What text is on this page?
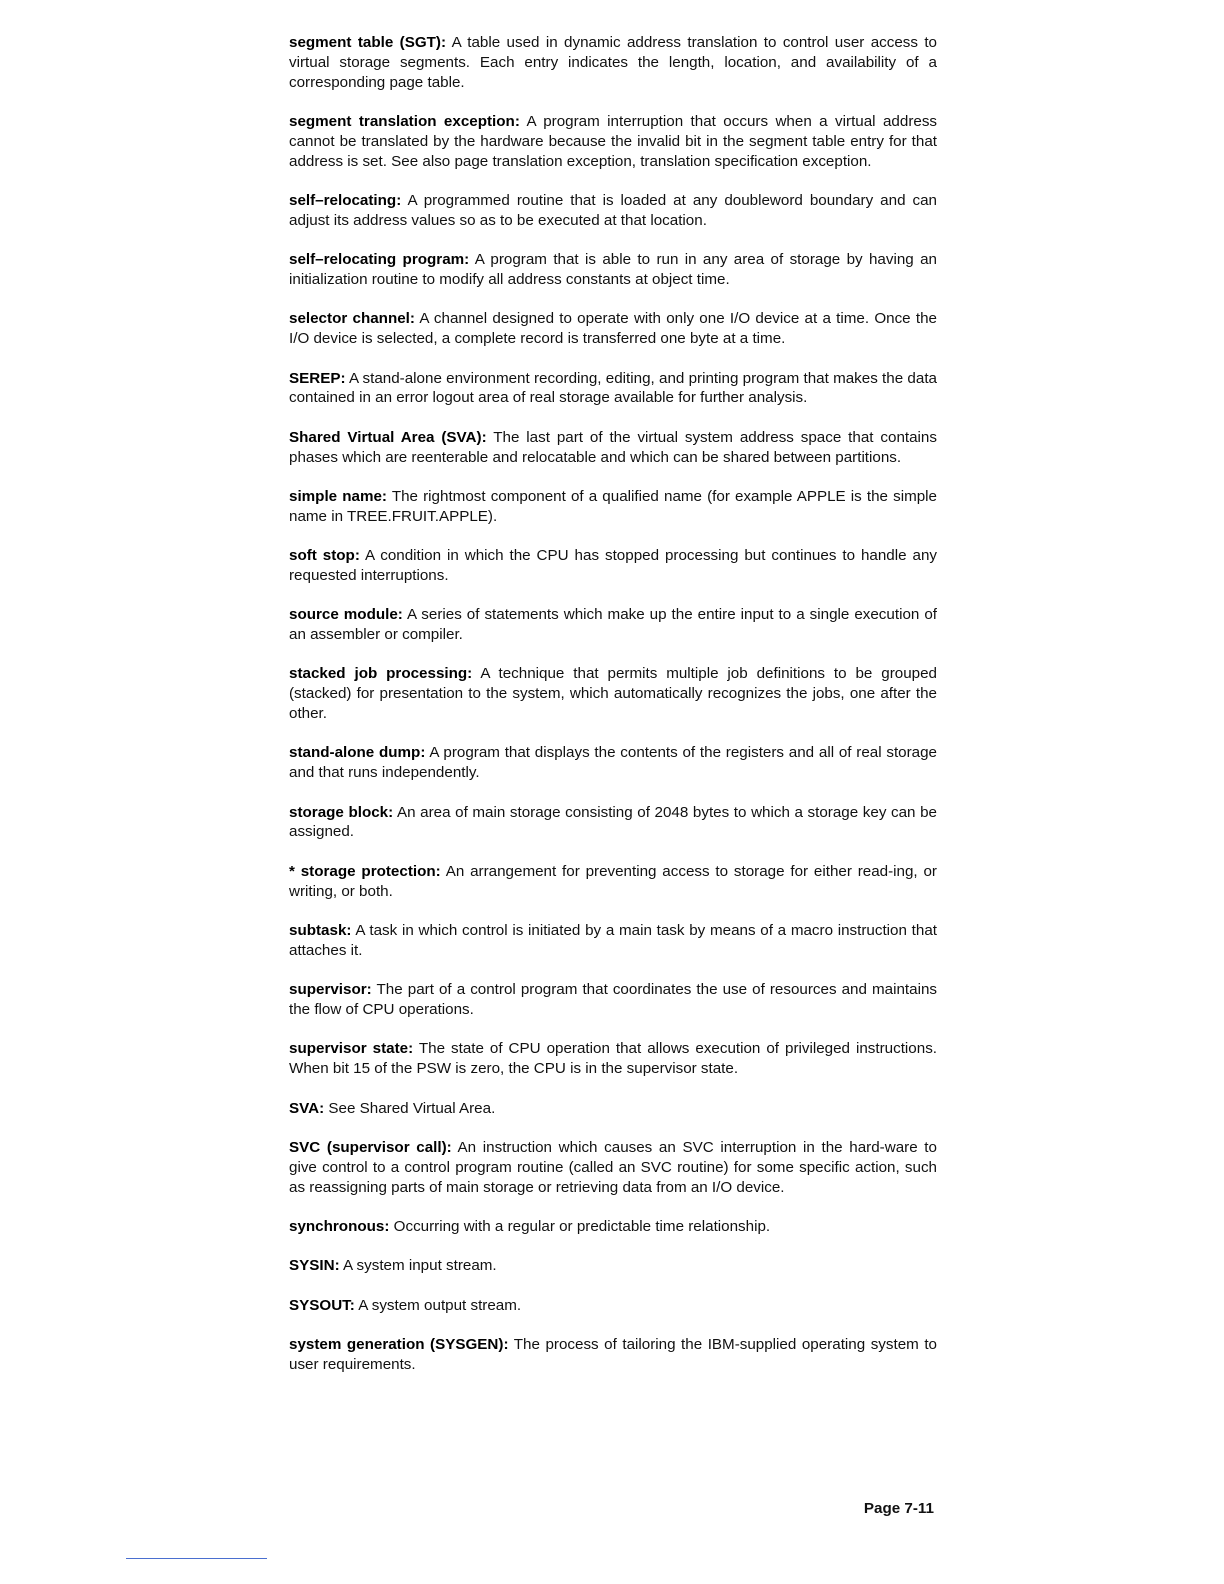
segment table (SGT): A table used in dynamic address translation to control user access to virtual storage segments. Each entry indicates the length, location, and availability of a corresponding page table.

segment translation exception: A program interruption that occurs when a virtual address cannot be translated by the hardware because the invalid bit in the segment table entry for that address is set. See also page translation exception, translation specification exception.

self–relocating: A programmed routine that is loaded at any doubleword boundary and can adjust its address values so as to be executed at that location.

self–relocating program: A program that is able to run in any area of storage by having an initialization routine to modify all address constants at object time.

selector channel: A channel designed to operate with only one I/O device at a time. Once the I/O device is selected, a complete record is transferred one byte at a time.

SEREP: A stand-alone environment recording, editing, and printing program that makes the data contained in an error logout area of real storage available for further analysis.

Shared Virtual Area (SVA): The last part of the virtual system address space that contains phases which are reenterable and relocatable and which can be shared between partitions.

simple name: The rightmost component of a qualified name (for example APPLE is the simple name in TREE.FRUIT.APPLE).

soft stop: A condition in which the CPU has stopped processing but continues to handle any requested interruptions.

source module: A series of statements which make up the entire input to a single execution of an assembler or compiler.

stacked job processing: A technique that permits multiple job definitions to be grouped (stacked) for presentation to the system, which automatically recognizes the jobs, one after the other.

stand-alone dump: A program that displays the contents of the registers and all of real storage and that runs independently.

storage block: An area of main storage consisting of 2048 bytes to which a storage key can be assigned.

* storage protection: An arrangement for preventing access to storage for either read-ing, or writing, or both.

subtask: A task in which control is initiated by a main task by means of a macro instruction that attaches it.

supervisor: The part of a control program that coordinates the use of resources and maintains the flow of CPU operations.

supervisor state: The state of CPU operation that allows execution of privileged instructions. When bit 15 of the PSW is zero, the CPU is in the supervisor state.

SVA: See Shared Virtual Area.

SVC (supervisor call): An instruction which causes an SVC interruption in the hard-ware to give control to a control program routine (called an SVC routine) for some specific action, such as reassigning parts of main storage or retrieving data from an I/O device.

synchronous: Occurring with a regular or predictable time relationship.

SYSIN: A system input stream.

SYSOUT: A system output stream.

system generation (SYSGEN): The process of tailoring the IBM-supplied operating system to user requirements.

Page 7-11
